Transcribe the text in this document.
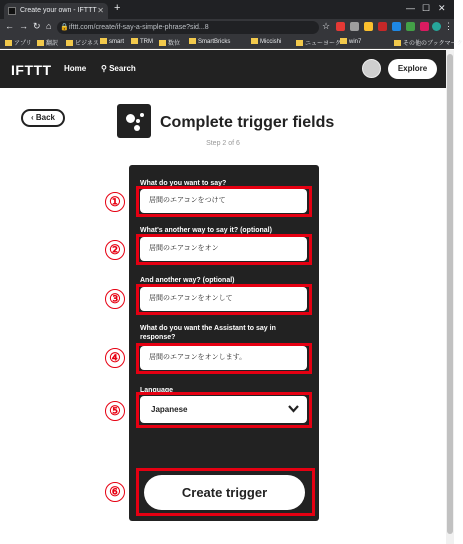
Create your own - IFTTT ✕ +	— ☐ ✕
← → ↻ ⌂ 🔒 ifttt.com/create/if-say-a-simple-phrase?sid...8	☆	⋮
アプリ	翻訳	ビジネス	smart	TRM	数位	SmartBricks	Miccishi	ニューヨーク	win7	その他のブックマーク
IFTTT Home ⚲ Search	Explore
‹ Back	Complete trigger fields
Step 2 of 6
What do you want to say?
居間のエアコンをつけて
①
What's another way to say it? (optional)
居間のエアコンをオン
②
And another way? (optional)
居間のエアコンをオンして
③
What do you want the Assistant to say in response?
居間のエアコンをオンします。
④
Language
Japanese
⑤
Create trigger
⑥
